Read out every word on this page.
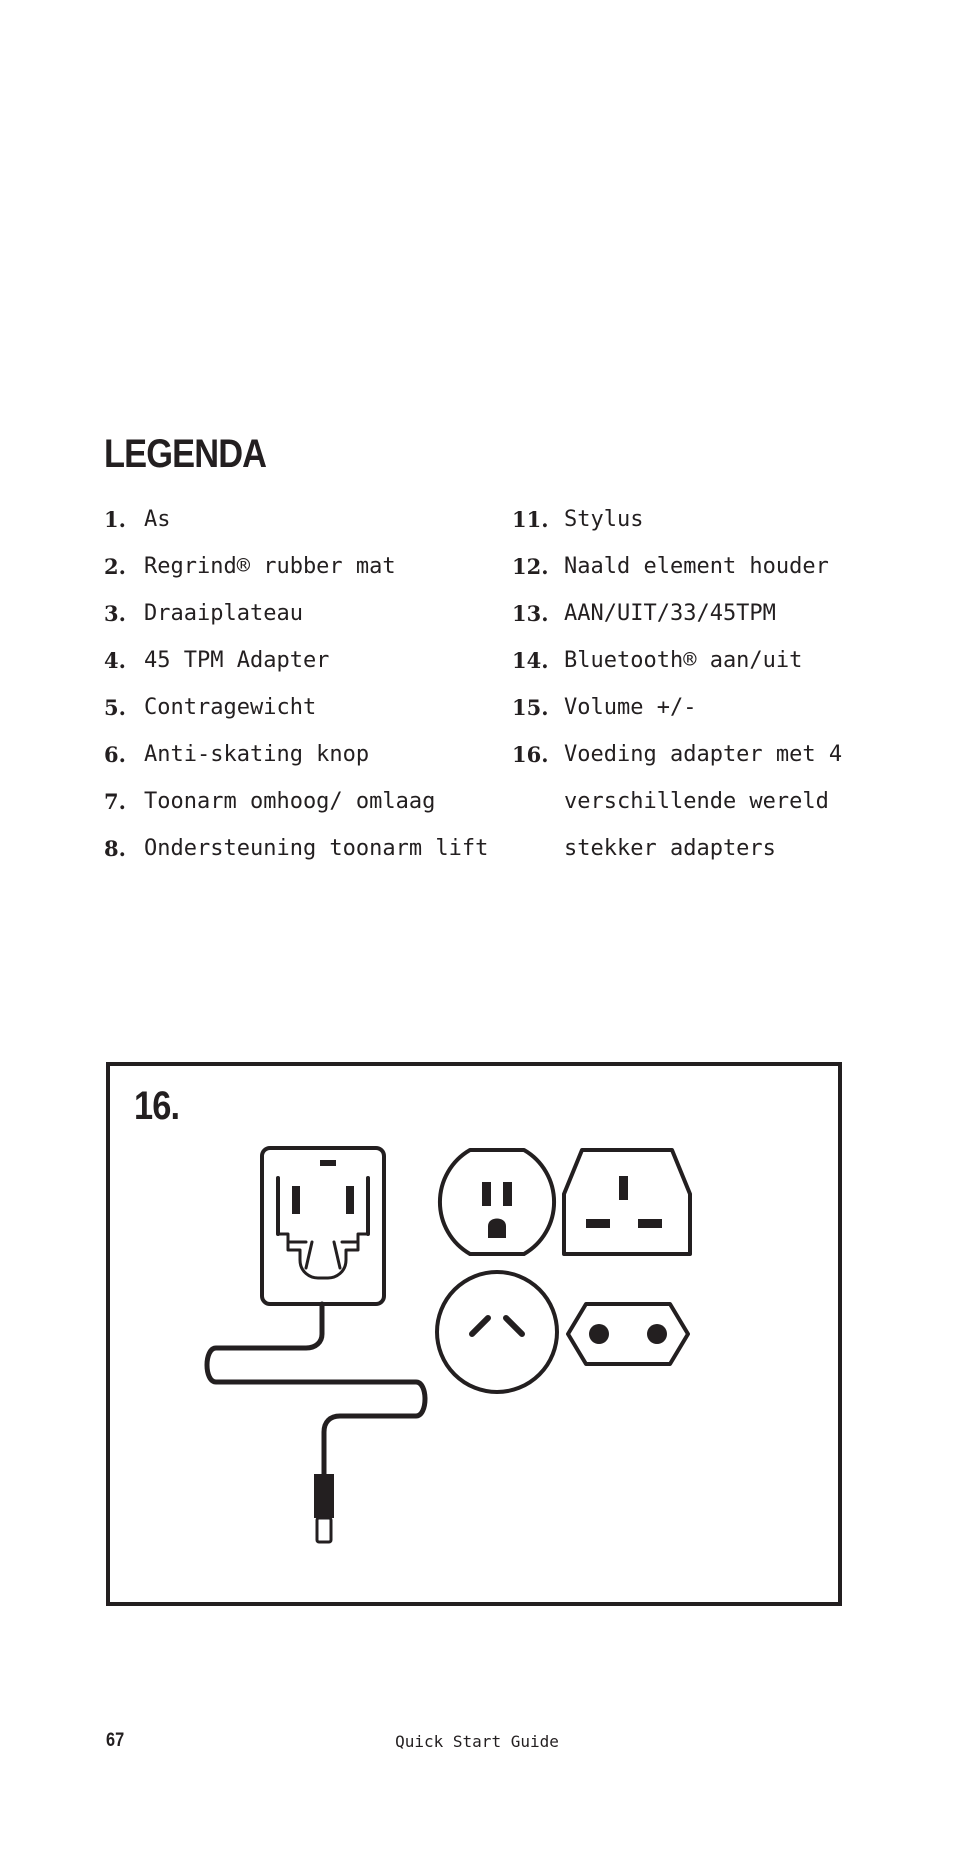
LEGENDA
1. As
2. Regrind® rubber mat
3. Draaiplateau
4. 45 TPM Adapter
5. Contragewicht
6. Anti-skating knop
7. Toonarm omhoog/ omlaag
8. Ondersteuning toonarm lift
11. Stylus
12. Naald element houder
13. AAN/UIT/33/45TPM
14. Bluetooth® aan/uit
15. Volume +/-
16. Voeding adapter met 4
verschillende wereld
stekker adapters
16.
67	Quick Start Guide
